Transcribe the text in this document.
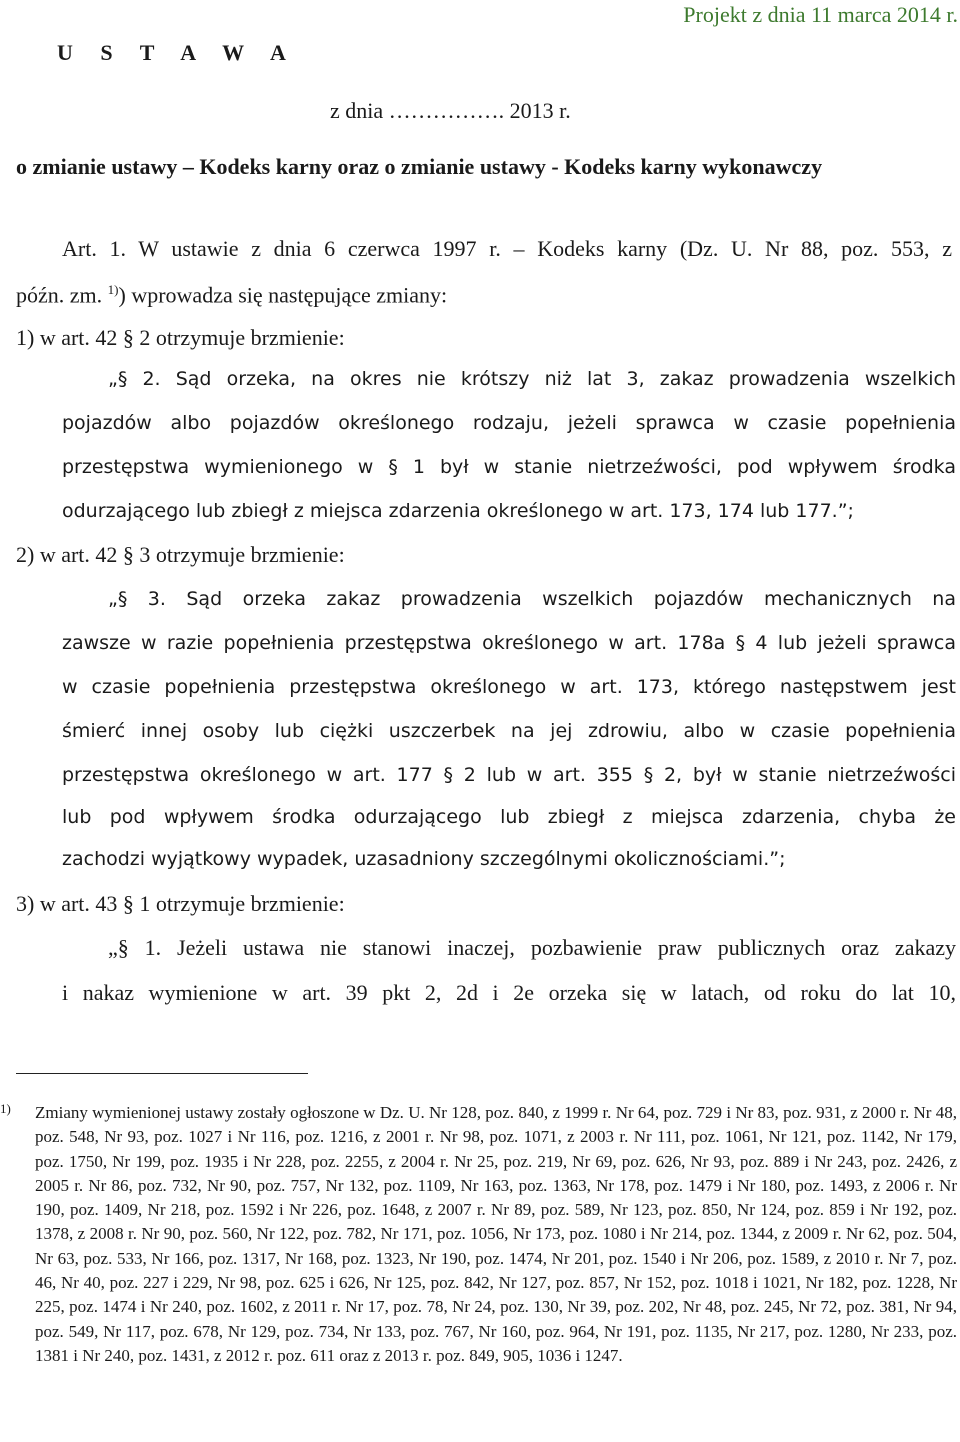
Projekt z dnia 11 marca 2014 r.
U S T A W A
z dnia ……………. 2013 r.
o zmianie ustawy – Kodeks karny oraz o zmianie ustawy - Kodeks karny wykonawczy
Art. 1. W ustawie z dnia 6 czerwca 1997 r. – Kodeks karny (Dz. U. Nr 88, poz. 553, z
późn. zm. $^{1)}$) wprowadza się następujące zmiany:
1) w art. 42 § 2 otrzymuje brzmienie:
„§ 2. Sąd orzeka, na okres nie krótszy niż lat 3, zakaz prowadzenia wszelkich
pojazdów albo pojazdów określonego rodzaju, jeżeli sprawca w czasie popełnienia
przestępstwa wymienionego w § 1 był w stanie nietrzeźwości, pod wpływem środka
odurzającego lub zbiegł z miejsca zdarzenia określonego w art. 173, 174 lub 177.”;
2) w art. 42 § 3 otrzymuje brzmienie:
„§ 3. Sąd orzeka zakaz prowadzenia wszelkich pojazdów mechanicznych na
zawsze w razie popełnienia przestępstwa określonego w art. 178a § 4 lub jeżeli sprawca
w czasie popełnienia przestępstwa określonego w art. 173, którego następstwem jest
śmierć innej osoby lub ciężki uszczerbek na jej zdrowiu, albo w czasie popełnienia
przestępstwa określonego w art. 177 § 2 lub w art. 355 § 2, był w stanie nietrzeźwości
lub pod wpływem środka odurzającego lub zbiegł z miejsca zdarzenia, chyba że
zachodzi wyjątkowy wypadek, uzasadniony szczególnymi okolicznościami.”;
3) w art. 43 § 1 otrzymuje brzmienie:
„§ 1. Jeżeli ustawa nie stanowi inaczej, pozbawienie praw publicznych oraz zakazy
i nakaz wymienione w art. 39 pkt 2, 2d i 2e orzeka się w latach, od roku do lat 10,
1) Zmiany wymienionej ustawy zostały ogłoszone w Dz. U. Nr 128, poz. 840, z 1999 r. Nr 64, poz. 729 i Nr 83, poz. 931, z 2000 r. Nr 48, poz. 548, Nr 93, poz. 1027 i Nr 116, poz. 1216, z 2001 r. Nr 98, poz. 1071, z 2003 r. Nr 111, poz. 1061, Nr 121, poz. 1142, Nr 179, poz. 1750, Nr 199, poz. 1935 i Nr 228, poz. 2255, z 2004 r. Nr 25, poz. 219, Nr 69, poz. 626, Nr 93, poz. 889 i Nr 243, poz. 2426, z 2005 r. Nr 86, poz. 732, Nr 90, poz. 757, Nr 132, poz. 1109, Nr 163, poz. 1363, Nr 178, poz. 1479 i Nr 180, poz. 1493, z 2006 r. Nr 190, poz. 1409, Nr 218, poz. 1592 i Nr 226, poz. 1648, z 2007 r. Nr 89, poz. 589, Nr 123, poz. 850, Nr 124, poz. 859 i Nr 192, poz. 1378, z 2008 r. Nr 90, poz. 560, Nr 122, poz. 782, Nr 171, poz. 1056, Nr 173, poz. 1080 i Nr 214, poz. 1344, z 2009 r. Nr 62, poz. 504, Nr 63, poz. 533, Nr 166, poz. 1317, Nr 168, poz. 1323, Nr 190, poz. 1474, Nr 201, poz. 1540 i Nr 206, poz. 1589, z 2010 r. Nr 7, poz. 46, Nr 40, poz. 227 i 229, Nr 98, poz. 625 i 626, Nr 125, poz. 842, Nr 127, poz. 857, Nr 152, poz. 1018 i 1021, Nr 182, poz. 1228, Nr 225, poz. 1474 i Nr 240, poz. 1602, z 2011 r. Nr 17, poz. 78, Nr 24, poz. 130, Nr 39, poz. 202, Nr 48, poz. 245, Nr 72, poz. 381, Nr 94, poz. 549, Nr 117, poz. 678, Nr 129, poz. 734, Nr 133, poz. 767, Nr 160, poz. 964, Nr 191, poz. 1135, Nr 217, poz. 1280, Nr 233, poz. 1381 i Nr 240, poz. 1431, z 2012 r. poz. 611 oraz z 2013 r. poz. 849, 905, 1036 i 1247.
